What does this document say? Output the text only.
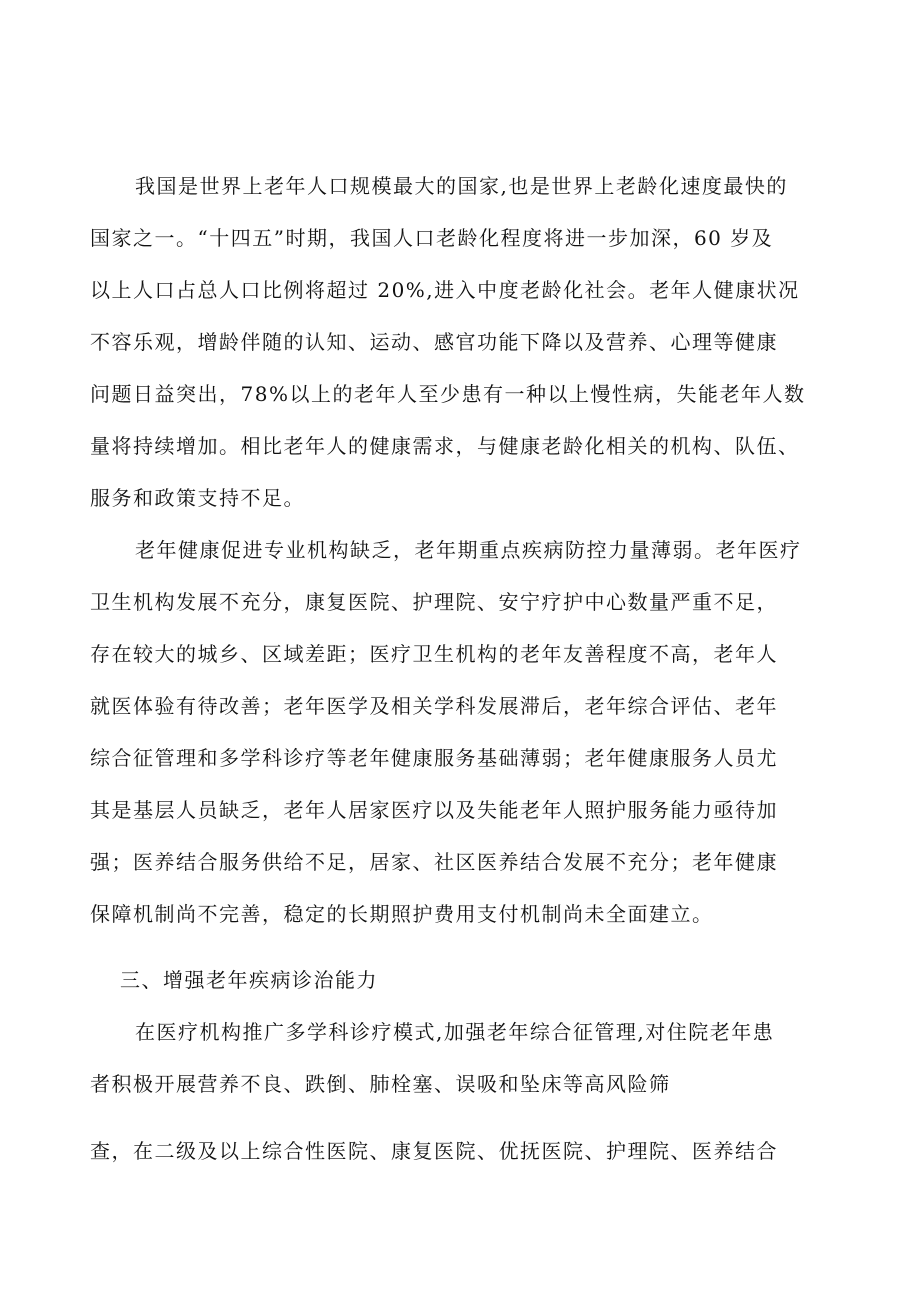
我国是世界上老年人口规模最大的国家,也是世界上老龄化速度最快的
国家之一。“十四五”时期，我国人口老龄化程度将进一步加深，60 岁及
以上人口占总人口比例将超过 20%,进入中度老龄化社会。老年人健康状况
不容乐观，增龄伴随的认知、运动、感官功能下降以及营养、心理等健康
问题日益突出，78%以上的老年人至少患有一种以上慢性病，失能老年人数
量将持续增加。相比老年人的健康需求，与健康老龄化相关的机构、队伍、
服务和政策支持不足。
老年健康促进专业机构缺乏，老年期重点疾病防控力量薄弱。老年医疗
卫生机构发展不充分，康复医院、护理院、安宁疗护中心数量严重不足，
存在较大的城乡、区域差距；医疗卫生机构的老年友善程度不高，老年人
就医体验有待改善；老年医学及相关学科发展滞后，老年综合评估、老年
综合征管理和多学科诊疗等老年健康服务基础薄弱；老年健康服务人员尤
其是基层人员缺乏，老年人居家医疗以及失能老年人照护服务能力亟待加
强；医养结合服务供给不足，居家、社区医养结合发展不充分；老年健康
保障机制尚不完善，稳定的长期照护费用支付机制尚未全面建立。
三、增强老年疾病诊治能力
在医疗机构推广多学科诊疗模式,加强老年综合征管理,对住院老年患
者积极开展营养不良、跌倒、肺栓塞、误吸和坠床等高风险筛
查，在二级及以上综合性医院、康复医院、优抚医院、护理院、医养结合
